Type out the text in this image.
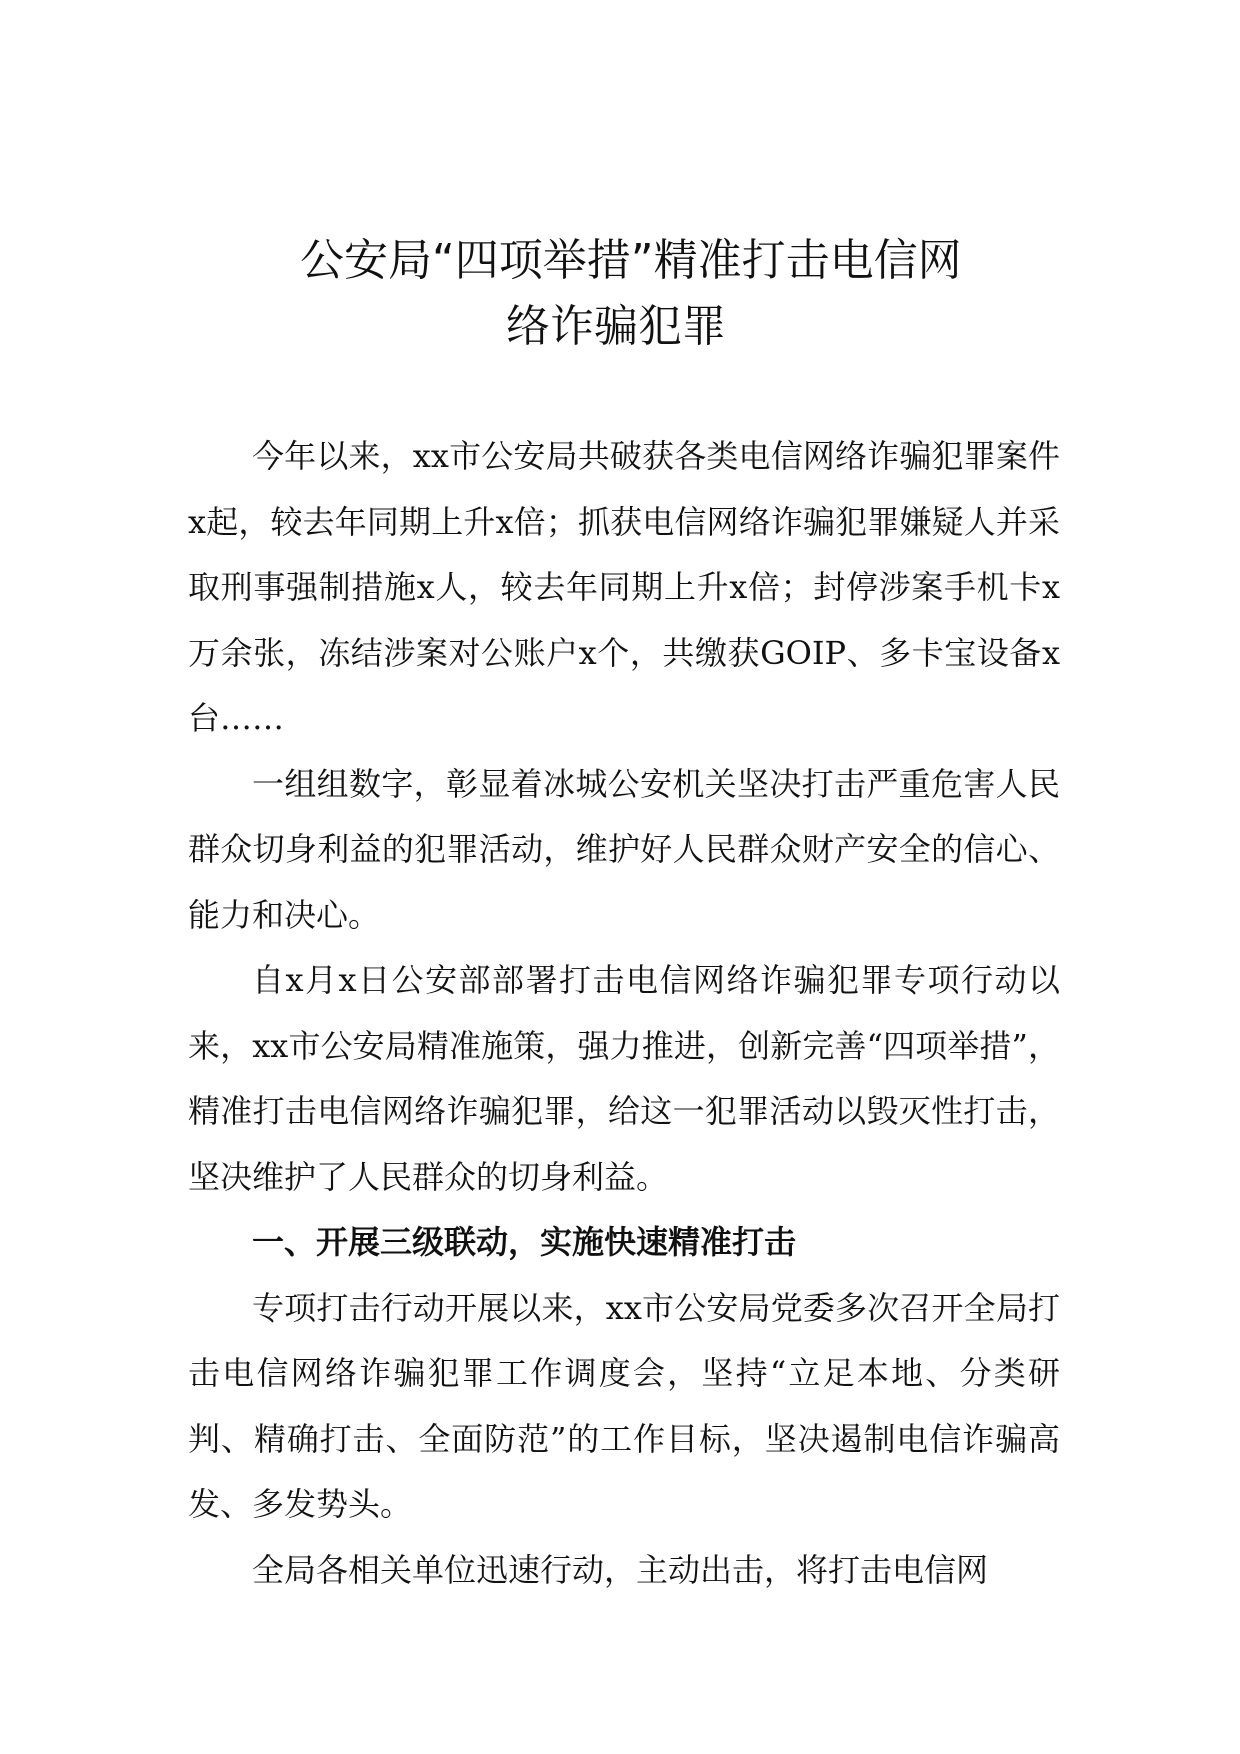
公安局“四项举措”精准打击电信网
络诈骗犯罪

今年以来，xx市公安局共破获各类电信网络诈骗犯罪案件x起，较去年同期上升x倍；抓获电信网络诈骗犯罪嫌疑人并采取刑事强制措施x人，较去年同期上升x倍；封停涉案手机卡x万余张，冻结涉案对公账户x个，共缴获GOIP、多卡宝设备x台……

一组组数字，彰显着冰城公安机关坚决打击严重危害人民群众切身利益的犯罪活动，维护好人民群众财产安全的信心、能力和决心。

自x月x日公安部部署打击电信网络诈骗犯罪专项行动以来，xx市公安局精准施策，强力推进，创新完善“四项举措”，精准打击电信网络诈骗犯罪，给这一犯罪活动以毁灭性打击，坚决维护了人民群众的切身利益。

一、开展三级联动，实施快速精准打击

专项打击行动开展以来，xx市公安局党委多次召开全局打击电信网络诈骗犯罪工作调度会，坚持“立足本地、分类研判、精确打击、全面防范”的工作目标，坚决遏制电信诈骗高发、多发势头。

全局各相关单位迅速行动，主动出击，将打击电信网
